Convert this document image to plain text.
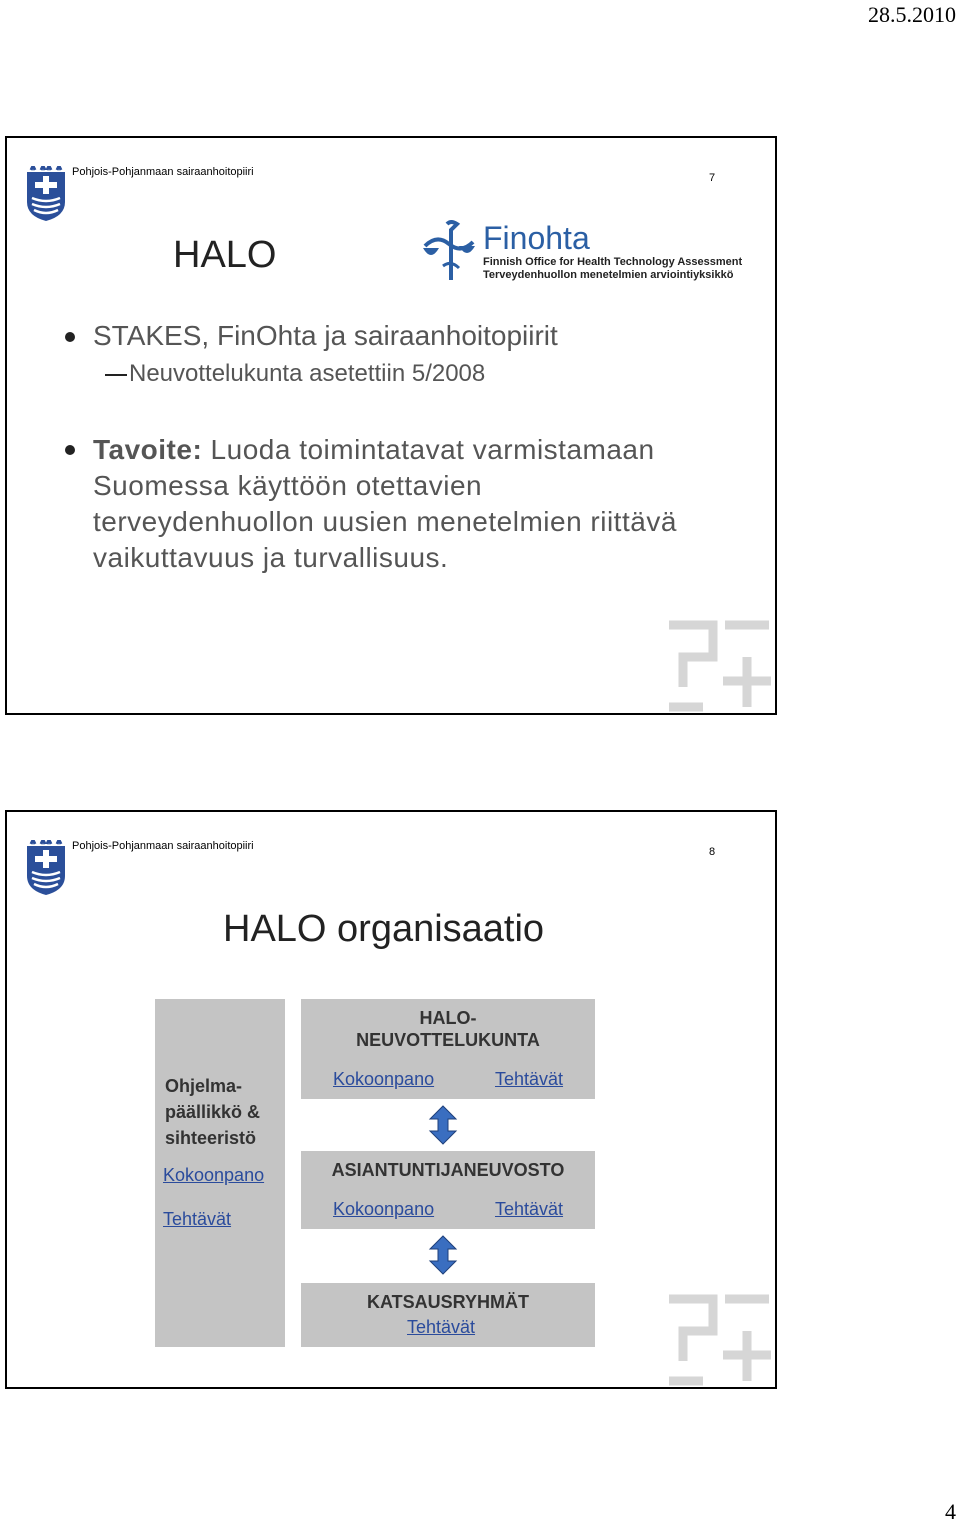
28.5.2010
Pohjois-Pohjanmaan sairaanhoitopiiri	7
HALO	Finohta
Finnish Office for Health Technology Assessment
Terveydenhuollon menetelmien arviointiyksikkö
STAKES, FinOhta ja sairaanhoitopiirit
Neuvottelukunta asetettiin 5/2008
Tavoite: Luoda toimintatavat varmistamaan
Suomessa käyttöön otettavien
terveydenhuollon uusien menetelmien riittävä
vaikuttavuus ja turvallisuus.
Pohjois-Pohjanmaan sairaanhoitopiiri	8
HALO organisaatio
Ohjelma-
päällikkö &
sihteeristö
Kokoonpano
Tehtävät
HALO-
NEUVOTTELUKUNTA
Kokoonpano	Tehtävät
ASIANTUNTIJANEUVOSTO
Kokoonpano	Tehtävät
KATSAUSRYHMÄT
Tehtävät
4
